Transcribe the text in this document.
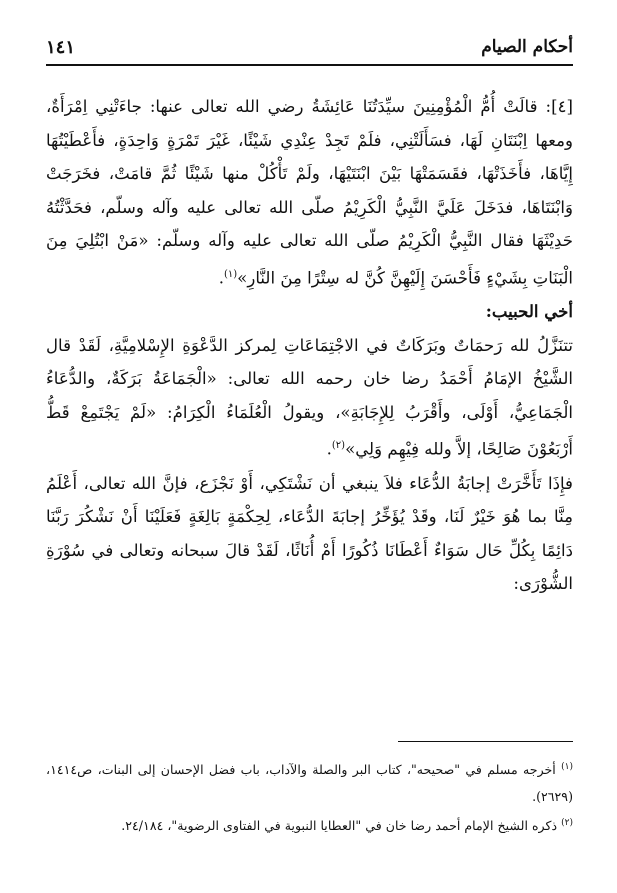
أحكام الصيام
١٤١

[٤]: قالَتْ أُمُّ الْمُؤْمِنِينَ سيِّدَتُنَا عَائِشَةُ رضي الله تعالى عنها: جاءَتْنِي اِمْرَأَةٌ، ومعها اِبْنَتَانِ لَهَا، فسَأَلَتْنِي، فلَمْ تَجِدْ عِنْدِي شَيْئًا، غَيْرَ تَمْرَةٍ وَاحِدَةٍ، فأَعْطَيْتُهَا إِيَّاهَا، فأَخَذَتْهَا، فقَسَمَتْهَا بَيْنَ ابْنَتَيْهَا، ولَمْ تَأْكُلْ منها شَيْئًا ثُمَّ قامَتْ، فخَرَجَتْ وَابْنَتَاهَا، فدَخَلَ عَلَيَّ النَّبِيُّ الْكَرِيْمُ صلّى الله تعالى عليه وآله وسلّم، فحَدَّثْتُهُ حَدِيْثَهَا فقال النَّبِيُّ الْكَرِيْمُ صلّى الله تعالى عليه وآله وسلّم: «مَنْ ابْتُلِيَ مِنَ الْبَنَاتِ بِشَيْءٍ فَأَحْسَنَ إِلَيْهِنَّ كُنَّ له سِتْرًا مِنَ النَّارِ»$^{(١)}$.

أخي الحبيب:

تتنَزَّلُ لله رَحمَاتٌ وبَرَكَاتٌ في الاجْتِمَاعَاتِ لِمركز الدَّعْوَةِ الإِسْلامِيَّةِ، لَقَدْ قال الشَّيْخُ الإمَامُ أَحْمَدُ رضا خان رحمه الله تعالى: «الْجَمَاعَةُ بَرَكَةٌ، والدُّعَاءُ الْجَمَاعِيُّ، أَوْلَى، وأَقْرَبُ لِلإِجَابَةِ»، ويقولُ الْعُلَمَاءُ الْكِرَامُ: «لَمْ يَجْتَمِعْ قَطُّ أَرْبَعُوْنَ صَالِحًا، إلاَّ ولله فِيْهِم وَلِي»$^{(٢)}$.

فإِذَا تَأَخَّرَتْ إجابَةُ الدُّعَاء فلاَ ينبغي أن نَشْتَكِي، أَوْ نَجْزَع، فإنَّ الله تعالى، أَعْلَمُ مِنَّا بما هُوَ خَيْرٌ لَنَا، وقَدْ يُؤَخِّرُ إجابَةَ الدُّعَاء، لِحِكْمَةٍ بَالِغَةٍ فَعَلَيْنَا أَنْ نَشْكُرَ رَبَّنَا دَائِمًا بِكُلِّ حَال سَوَاءٌ أَعْطَانَا ذُكُورًا أَمْ أُنَاثًا، لَقَدْ قالَ سبحانه وتعالى في سُوْرَةِ الشُّوْرَى:

$^{(١)}$ أخرجه مسلم في "صحيحه"، كتاب البر والصلة والآداب، باب فضل الإحسان إلى البنات، ص١٤١٤، (٢٦٢٩).

$^{(٢)}$ ذكره الشيخ الإمام أحمد رضا خان في "العطايا النبوية في الفتاوى الرضوية"، ٢٤/١٨٤.
